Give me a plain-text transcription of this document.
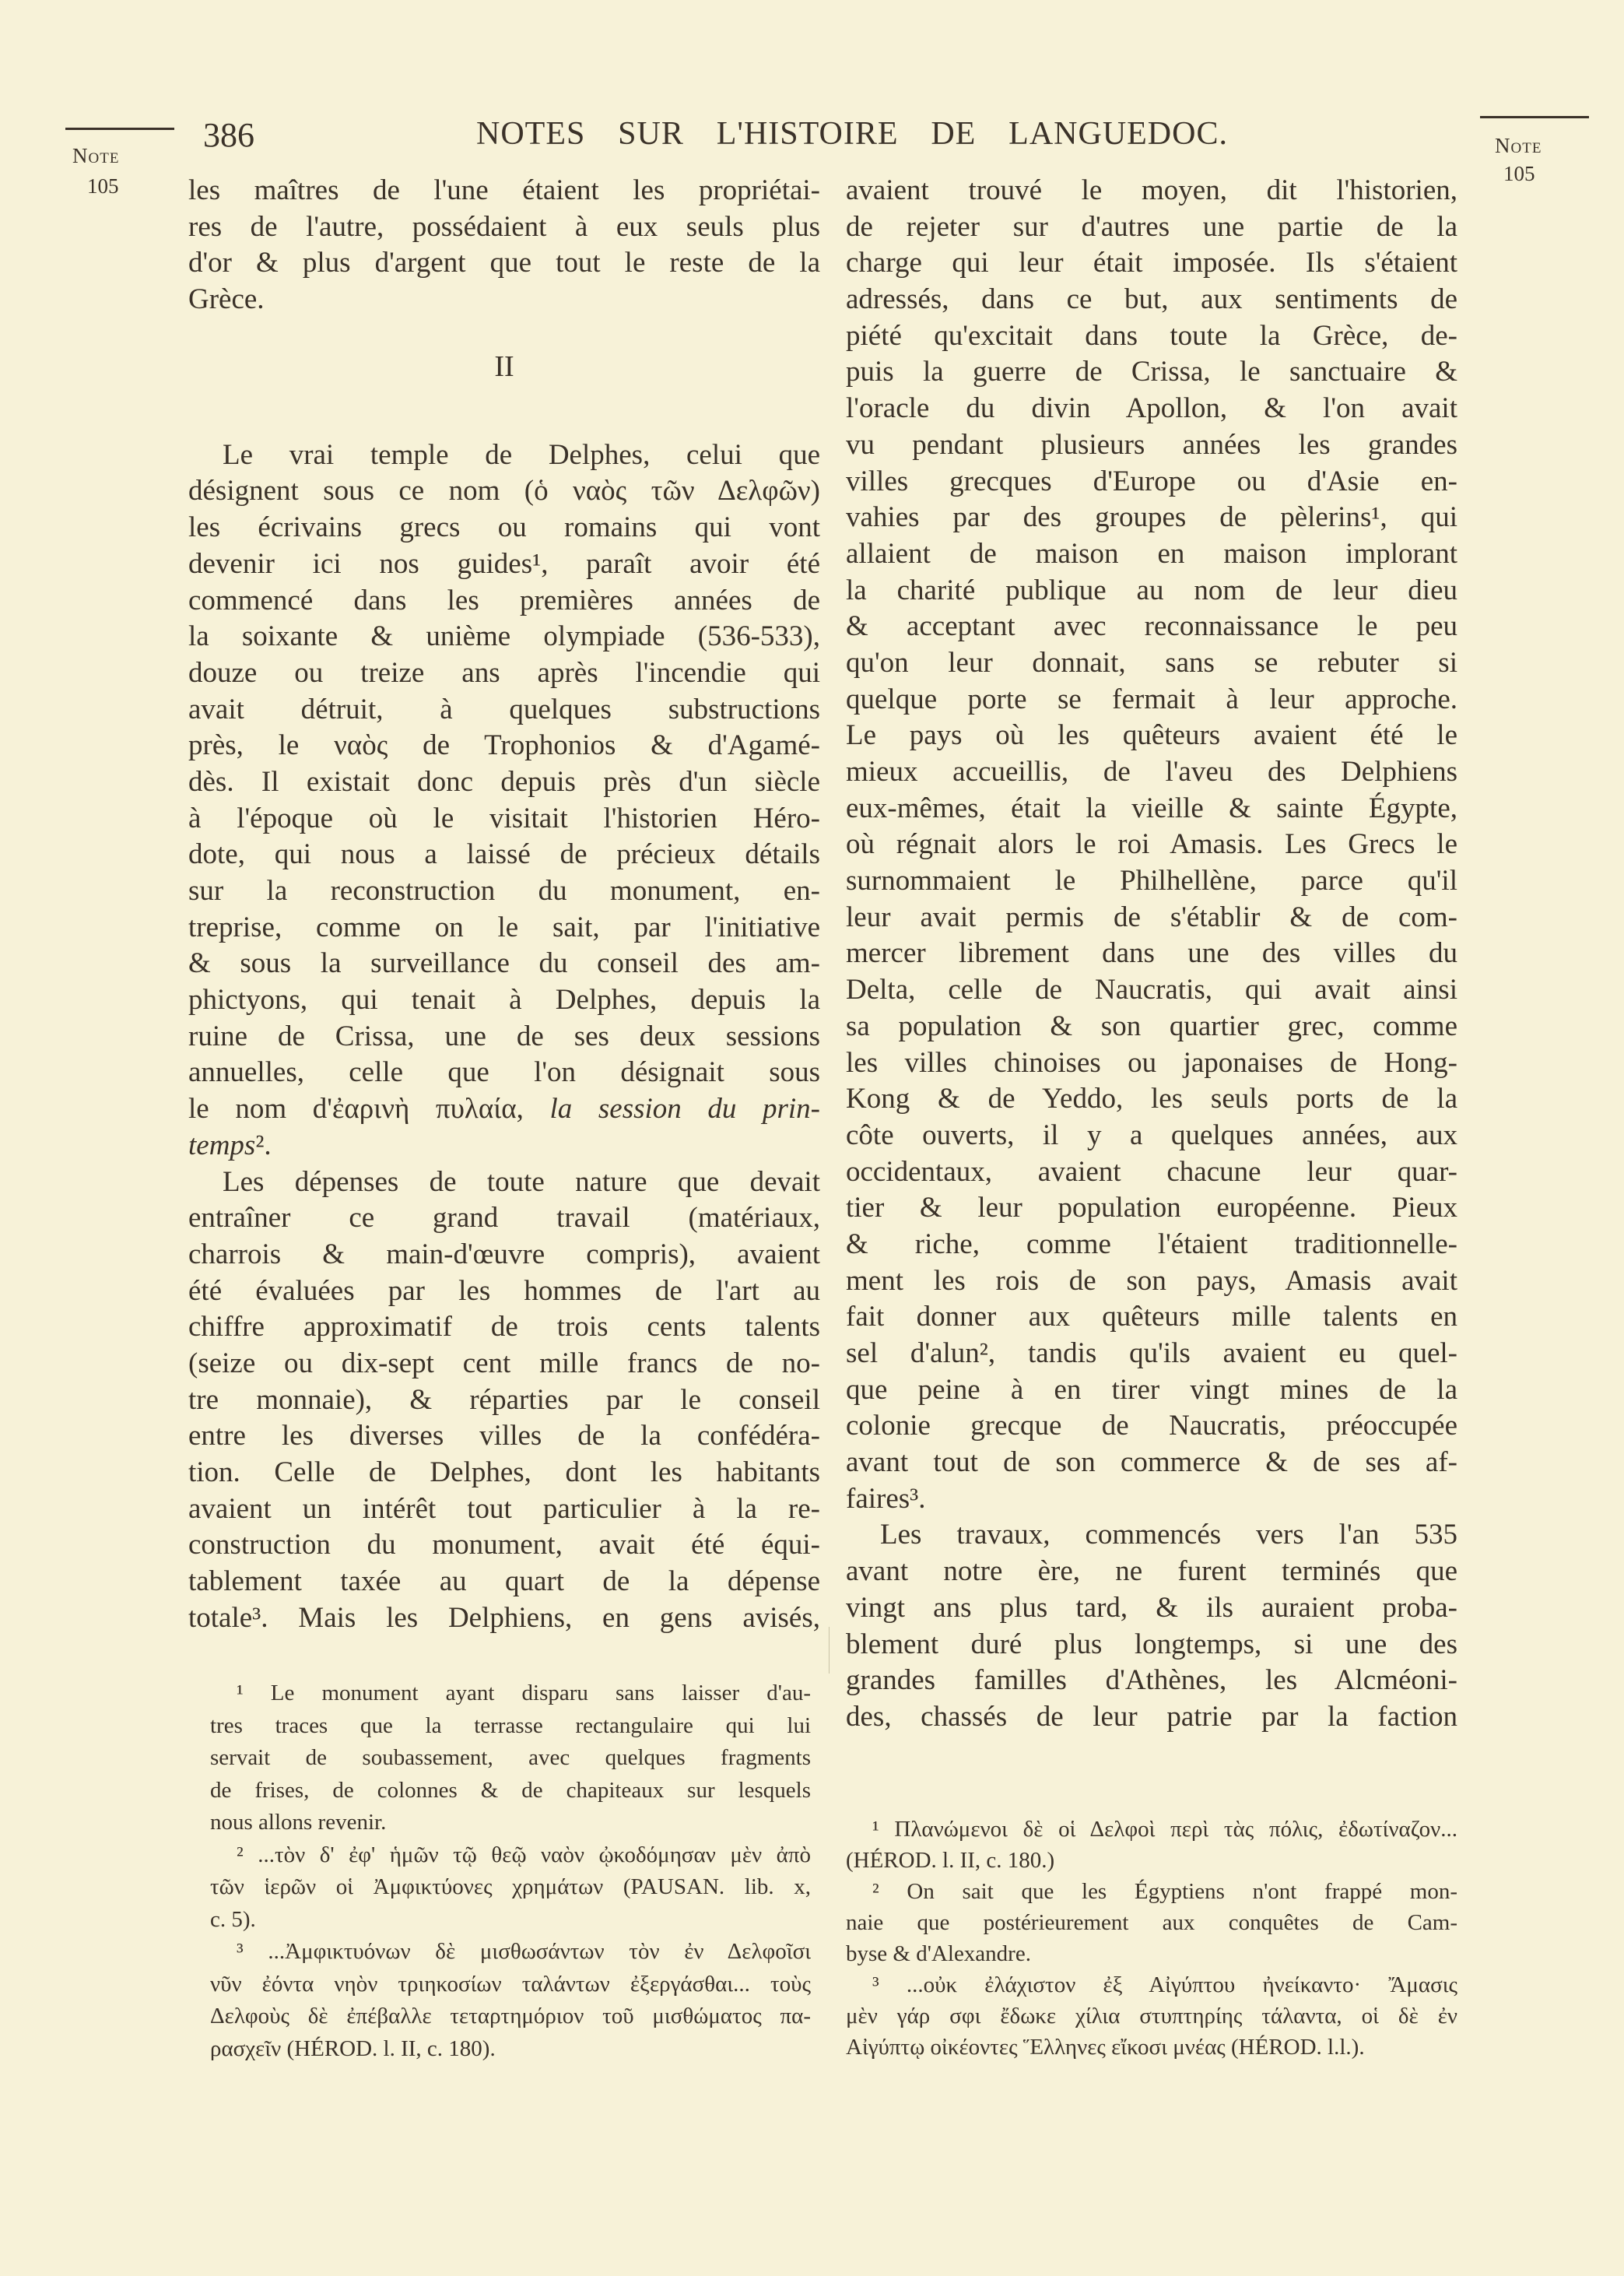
Note
105
Note
105
386	NOTES SUR L'HISTOIRE DE LANGUEDOC.
les maîtres de l'une étaient les propriétai-
res de l'autre, possédaient à eux seuls plus
d'or & plus d'argent que tout le reste de la
Grèce.
II
Le vrai temple de Delphes, celui que
désignent sous ce nom (ὁ ναὸς τῶν Δελφῶν)
les écrivains grecs ou romains qui vont
devenir ici nos guides¹, paraît avoir été
commencé dans les premières années de
la soixante & unième olympiade (536-533),
douze ou treize ans après l'incendie qui
avait détruit, à quelques substructions
près, le ναὸς de Trophonios & d'Agamé-
dès. Il existait donc depuis près d'un siècle
à l'époque où le visitait l'historien Héro-
dote, qui nous a laissé de précieux détails
sur la reconstruction du monument, en-
treprise, comme on le sait, par l'initiative
& sous la surveillance du conseil des am-
phictyons, qui tenait à Delphes, depuis la
ruine de Crissa, une de ses deux sessions
annuelles, celle que l'on désignait sous
le nom d'ἐαρινὴ πυλαία, la session du prin-
temps².
Les dépenses de toute nature que devait
entraîner ce grand travail (matériaux,
charrois & main-d'œuvre compris), avaient
été évaluées par les hommes de l'art au
chiffre approximatif de trois cents talents
(seize ou dix-sept cent mille francs de no-
tre monnaie), & réparties par le conseil
entre les diverses villes de la confédéra-
tion. Celle de Delphes, dont les habitants
avaient un intérêt tout particulier à la re-
construction du monument, avait été équi-
tablement taxée au quart de la dépense
totale³. Mais les Delphiens, en gens avisés,
avaient trouvé le moyen, dit l'historien,
de rejeter sur d'autres une partie de la
charge qui leur était imposée. Ils s'étaient
adressés, dans ce but, aux sentiments de
piété qu'excitait dans toute la Grèce, de-
puis la guerre de Crissa, le sanctuaire &
l'oracle du divin Apollon, & l'on avait
vu pendant plusieurs années les grandes
villes grecques d'Europe ou d'Asie en-
vahies par des groupes de pèlerins¹, qui
allaient de maison en maison implorant
la charité publique au nom de leur dieu
& acceptant avec reconnaissance le peu
qu'on leur donnait, sans se rebuter si
quelque porte se fermait à leur approche.
Le pays où les quêteurs avaient été le
mieux accueillis, de l'aveu des Delphiens
eux-mêmes, était la vieille & sainte Égypte,
où régnait alors le roi Amasis. Les Grecs le
surnommaient le Philhellène, parce qu'il
leur avait permis de s'établir & de com-
mercer librement dans une des villes du
Delta, celle de Naucratis, qui avait ainsi
sa population & son quartier grec, comme
les villes chinoises ou japonaises de Hong-
Kong & de Yeddo, les seuls ports de la
côte ouverts, il y a quelques années, aux
occidentaux, avaient chacune leur quar-
tier & leur population européenne. Pieux
& riche, comme l'étaient traditionnelle-
ment les rois de son pays, Amasis avait
fait donner aux quêteurs mille talents en
sel d'alun², tandis qu'ils avaient eu quel-
que peine à en tirer vingt mines de la
colonie grecque de Naucratis, préoccupée
avant tout de son commerce & de ses af-
faires³.
Les travaux, commencés vers l'an 535
avant notre ère, ne furent terminés que
vingt ans plus tard, & ils auraient proba-
blement duré plus longtemps, si une des
grandes familles d'Athènes, les Alcméoni-
des, chassés de leur patrie par la faction
¹ Le monument ayant disparu sans laisser d'au-
tres traces que la terrasse rectangulaire qui lui
servait de soubassement, avec quelques fragments
de frises, de colonnes & de chapiteaux sur lesquels
nous allons revenir.
² ...τὸν δ' ἐφ' ἡμῶν τῷ θεῷ ναὸν ᾠκοδόμησαν μὲν ἀπὸ
τῶν ἱερῶν οἱ Ἀμφικτύονες χρημάτων (PAUSAN. lib. x,
c. 5).
³ ...Ἀμφικτυόνων δὲ μισθωσάντων τὸν ἐν Δελφοῖσι
νῦν ἐόντα νηὸν τριηκοσίων ταλάντων ἐξεργάσθαι... τοὺς
Δελφοὺς δὲ ἐπέβαλλε τεταρτημόριον τοῦ μισθώματος πα-
ρασχεῖν (HÉROD. l. II, c. 180).
¹ Πλανώμενοι δὲ οἱ Δελφοὶ περὶ τὰς πόλις, ἐδωτίναζον...
(HÉROD. l. II, c. 180.)
² On sait que les Égyptiens n'ont frappé mon-
naie que postérieurement aux conquêtes de Cam-
byse & d'Alexandre.
³ ...οὐκ ἐλάχιστον ἐξ Αἰγύπτου ἠνείκαντο· Ἄμασις
μὲν γάρ σφι ἔδωκε χίλια στυπτηρίης τάλαντα, οἱ δὲ ἐν
Αἰγύπτῳ οἰκέοντες Ἕλληνες εἴκοσι μνέας (HÉROD. l.l.).
